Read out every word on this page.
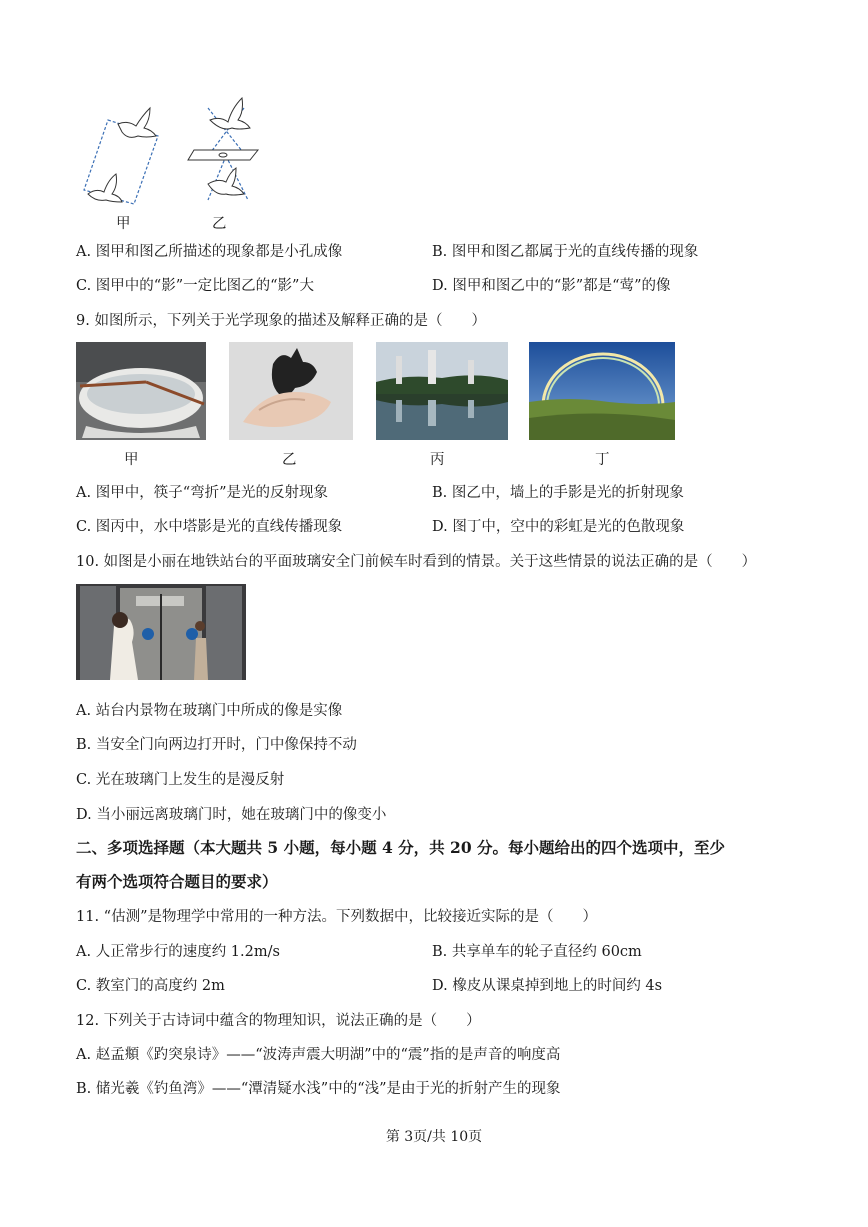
甲	乙
A. 图甲和图乙所描述的现象都是小孔成像	B. 图甲和图乙都属于光的直线传播的现象
C. 图甲中的“影”一定比图乙的“影”大	D. 图甲和图乙中的“影”都是“莺”的像
9. 如图所示，下列关于光学现象的描述及解释正确的是（　　）
甲	乙	丙	丁
A. 图甲中，筷子“弯折”是光的反射现象	B. 图乙中，墙上的手影是光的折射现象
C. 图丙中，水中塔影是光的直线传播现象	D. 图丁中，空中的彩虹是光的色散现象
10. 如图是小丽在地铁站台的平面玻璃安全门前候车时看到的情景。关于这些情景的说法正确的是（　　）
A. 站台内景物在玻璃门中所成的像是实像
B. 当安全门向两边打开时，门中像保持不动
C. 光在玻璃门上发生的是漫反射
D. 当小丽远离玻璃门时，她在玻璃门中的像变小
二、多项选择题（本大题共 5 小题，每小题 4 分，共 20 分。每小题给出的四个选项中，至少
有两个选项符合题目的要求）
11. “估测”是物理学中常用的一种方法。下列数据中，比较接近实际的是（　　）
A. 人正常步行的速度约 1.2m/s	B. 共享单车的轮子直径约 60cm
C. 教室门的高度约 2m	D. 橡皮从课桌掉到地上的时间约 4s
12. 下列关于古诗词中蕴含的物理知识，说法正确的是（　　）
A. 赵孟頫《趵突泉诗》——“波涛声震大明湖”中的“震”指的是声音的响度高
B. 储光羲《钓鱼湾》——“潭清疑水浅”中的“浅”是由于光的折射产生的现象
第 3页/共 10页
